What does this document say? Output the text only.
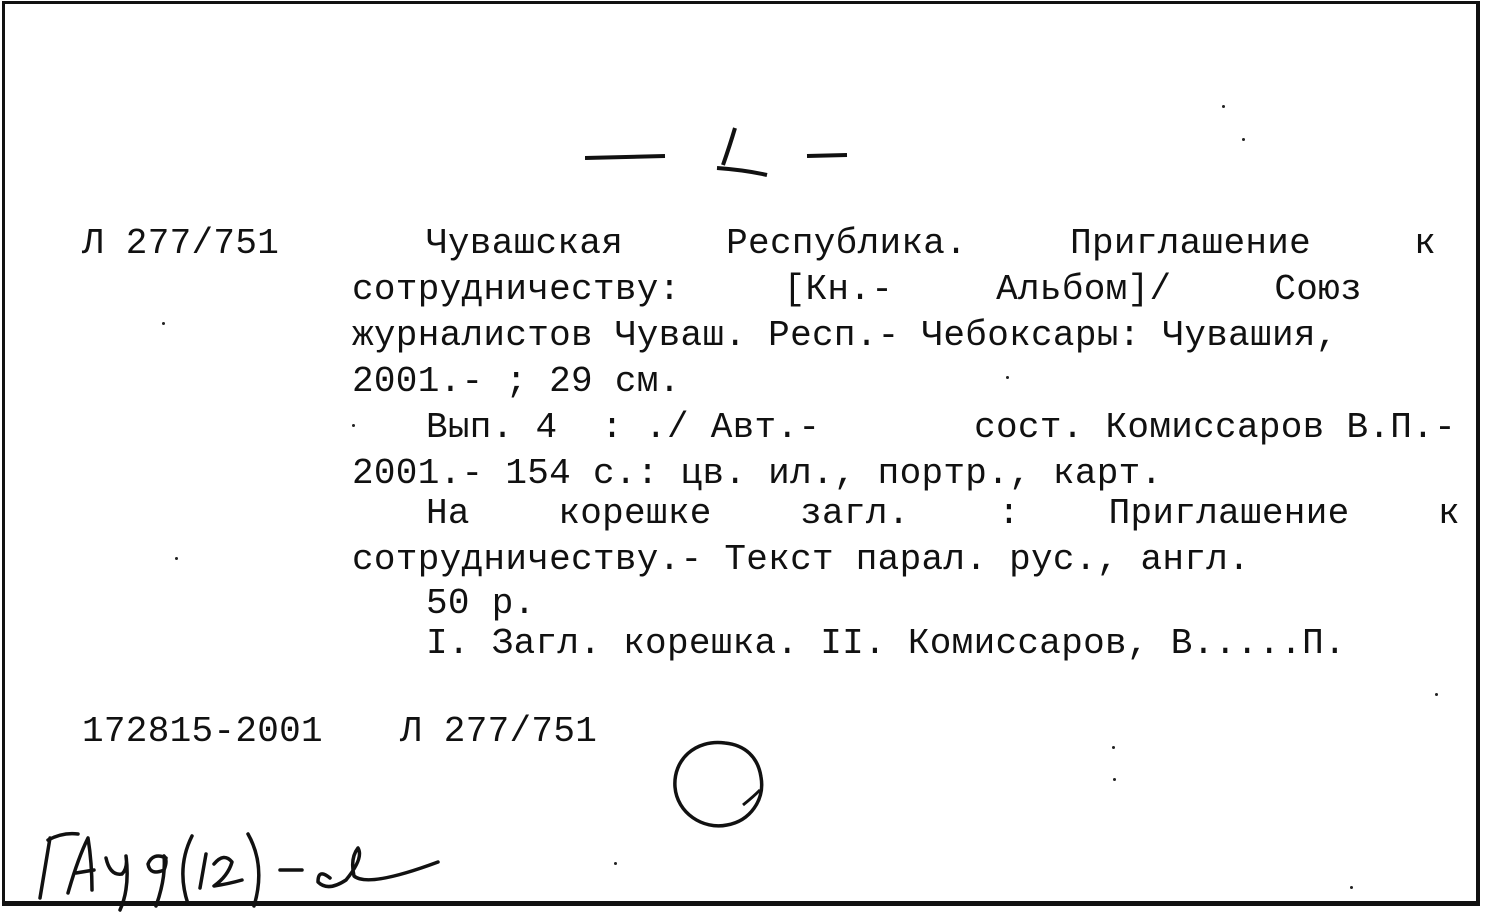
1
Л 277/751	Чувашская	Республика.	Приглашение	к
сотрудничеству:	[Кн.-	Альбом]/	Союз
журналистов Чуваш. Респ.- Чебоксары: Чувашия,
2001.- ; 29 см.
Вып. 4  : ./ Авт.-	сост. Комиссаров В.П.-
2001.- 154 с.: цв. ил., портр., карт.
На корешке загл. : Приглашение к
сотрудничеству.- Текст парал. рус., англ.
50 р.
I. Загл. корешка. II. Комиссаров, В.....П.
172815-2001 Л 277/751
ГАУ 9(12)-2
